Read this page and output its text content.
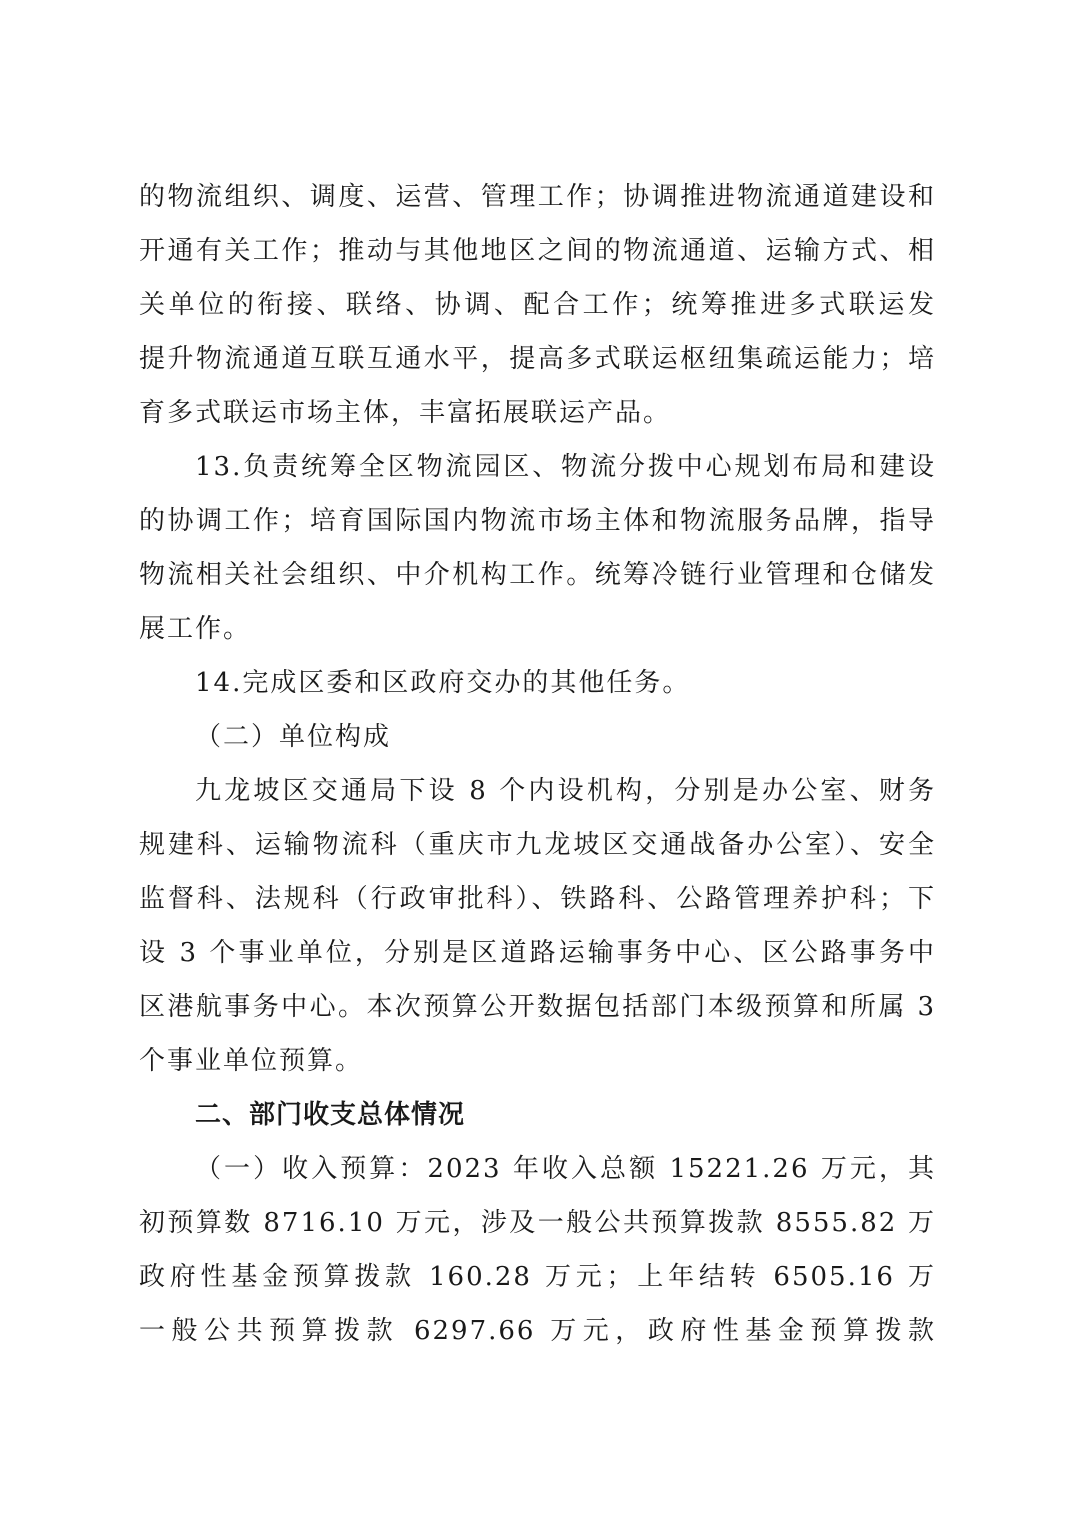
的物流组织、调度、运营、管理工作；协调推进物流通道建设和
开通有关工作；推动与其他地区之间的物流通道、运输方式、相
关单位的衔接、联络、协调、配合工作；统筹推进多式联运发
提升物流通道互联互通水平，提高多式联运枢纽集疏运能力；培
育多式联运市场主体，丰富拓展联运产品。
13.负责统筹全区物流园区、物流分拨中心规划布局和建设
的协调工作；培育国际国内物流市场主体和物流服务品牌，指导
物流相关社会组织、中介机构工作。统筹冷链行业管理和仓储发
展工作。
14.完成区委和区政府交办的其他任务。
（二）单位构成
九龙坡区交通局下设 8 个内设机构，分别是办公室、财务
规建科、运输物流科（重庆市九龙坡区交通战备办公室）、安全
监督科、法规科（行政审批科）、铁路科、公路管理养护科；下
设 3 个事业单位，分别是区道路运输事务中心、区公路事务中
区港航事务中心。本次预算公开数据包括部门本级预算和所属 3
个事业单位预算。
二、部门收支总体情况
（一）收入预算：2023 年收入总额 15221.26 万元，其
初预算数 8716.10 万元，涉及一般公共预算拨款 8555.82 万
政府性基金预算拨款 160.28 万元；上年结转 6505.16 万
一般公共预算拨款 6297.66 万元，政府性基金预算拨款
